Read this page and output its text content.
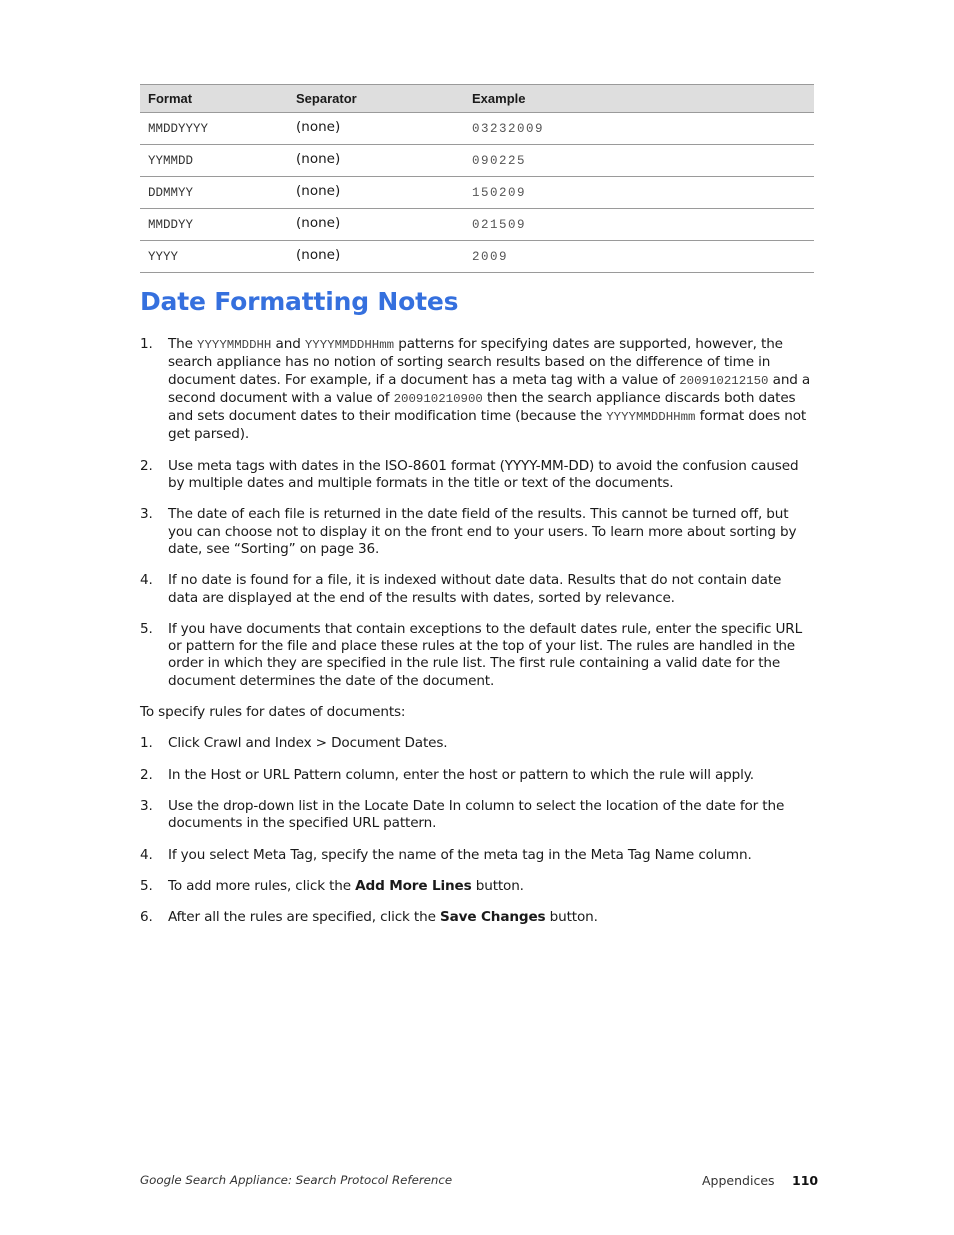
Format	Separator	Example
MMDDYYYY	(none)	03232009
YYMMDD	(none)	090225
DDMMYY	(none)	150209
MMDDYY	(none)	021509
YYYY	(none)	2009
Date Formatting Notes
1. The YYYYMMDDHH and YYYYMMDDHHmm patterns for specifying dates are supported, however, the search appliance has no notion of sorting search results based on the difference of time in document dates. For example, if a document has a meta tag with a value of 200910212150 and a second document with a value of 200910210900 then the search appliance discards both dates and sets document dates to their modification time (because the YYYYMMDDHHmm format does not get parsed).
2. Use meta tags with dates in the ISO-8601 format (YYYY-MM-DD) to avoid the confusion caused by multiple dates and multiple formats in the title or text of the documents.
3. The date of each file is returned in the date field of the results. This cannot be turned off, but you can choose not to display it on the front end to your users. To learn more about sorting by date, see “Sorting” on page 36.
4. If no date is found for a file, it is indexed without date data. Results that do not contain date data are displayed at the end of the results with dates, sorted by relevance.
5. If you have documents that contain exceptions to the default dates rule, enter the specific URL or pattern for the file and place these rules at the top of your list. The rules are handled in the order in which they are specified in the rule list. The first rule containing a valid date for the document determines the date of the document.

To specify rules for dates of documents:

1. Click Crawl and Index > Document Dates.
2. In the Host or URL Pattern column, enter the host or pattern to which the rule will apply.
3. Use the drop-down list in the Locate Date In column to select the location of the date for the documents in the specified URL pattern.
4. If you select Meta Tag, specify the name of the meta tag in the Meta Tag Name column.
5. To add more rules, click the Add More Lines button.
6. After all the rules are specified, click the Save Changes button.
Google Search Appliance: Search Protocol Reference	Appendices 110
